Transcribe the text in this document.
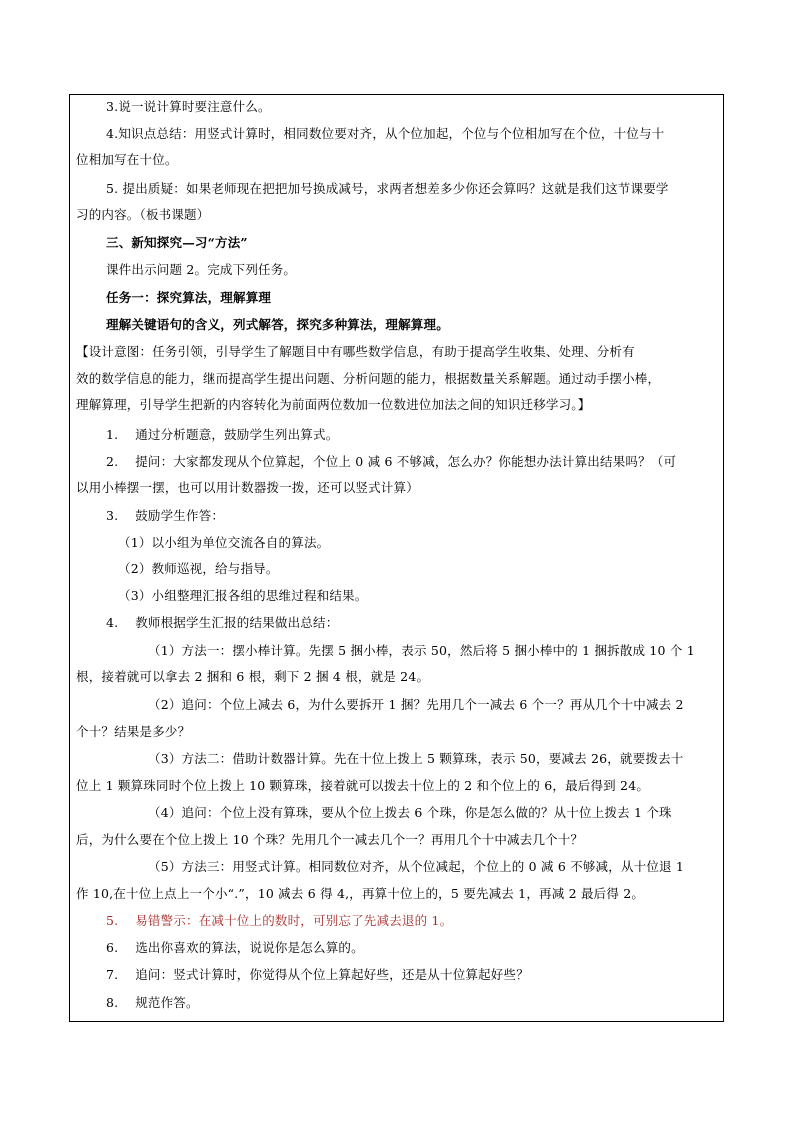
3.说一说计算时要注意什么。
4.知识点总结：用竖式计算时，相同数位要对齐，从个位加起，个位与个位相加写在个位，十位与十
位相加写在十位。
5. 提出质疑：如果老师现在把把加号换成减号，求两者想差多少你还会算吗？这就是我们这节课要学
习的内容。（板书课题）
三、新知探究—习“方法”
课件出示问题 2。完成下列任务。
任务一：探究算法，理解算理
理解关键语句的含义，列式解答，探究多种算法，理解算理。
【设计意图：任务引领，引导学生了解题目中有哪些数学信息，有助于提高学生收集、处理、分析有
效的数学信息的能力，继而提高学生提出问题、分析问题的能力，根据数量关系解题。通过动手摆小棒，
理解算理，引导学生把新的内容转化为前面两位数加一位数进位加法之间的知识迁移学习。】
1.　 通过分析题意，鼓励学生列出算式。
2.　 提问：大家都发现从个位算起，个位上 0 减 6 不够减，怎么办？你能想办法计算出结果吗？（可
以用小棒摆一摆，也可以用计数器拨一拨，还可以竖式计算）
3.　 鼓励学生作答：
（1）以小组为单位交流各自的算法。
（2）教师巡视，给与指导。
（3）小组整理汇报各组的思维过程和结果。
4.　 教师根据学生汇报的结果做出总结：
（1）方法一：摆小棒计算。先摆 5 捆小棒，表示 50，然后将 5 捆小棒中的 1 捆拆散成 10 个 1
根，接着就可以拿去 2 捆和 6 根，剩下 2 捆 4 根，就是 24。
（2）追问：个位上减去 6，为什么要拆开 1 捆？先用几个一减去 6 个一？再从几个十中减去 2
个十？结果是多少？
（3）方法二：借助计数器计算。先在十位上拨上 5 颗算珠，表示 50，要减去 26，就要拨去十
位上 1 颗算珠同时个位上拨上 10 颗算珠，接着就可以拨去十位上的 2 和个位上的 6，最后得到 24。
（4）追问：个位上没有算珠，要从个位上拨去 6 个珠，你是怎么做的？从十位上拨去 1 个珠
后，为什么要在个位上拨上 10 个珠？先用几个一减去几个一？再用几个十中减去几个十？
（5）方法三：用竖式计算。相同数位对齐，从个位减起，个位上的 0 减 6 不够减，从十位退 1
作 10,在十位上点上一个小“.”，10 减去 6 得 4,，再算十位上的，5 要先减去 1，再减 2 最后得 2。
5.　 易错警示：在减十位上的数时，可别忘了先减去退的 1。
6.　 选出你喜欢的算法，说说你是怎么算的。
7.　 追问：竖式计算时，你觉得从个位上算起好些，还是从十位算起好些？
8.　 规范作答。
